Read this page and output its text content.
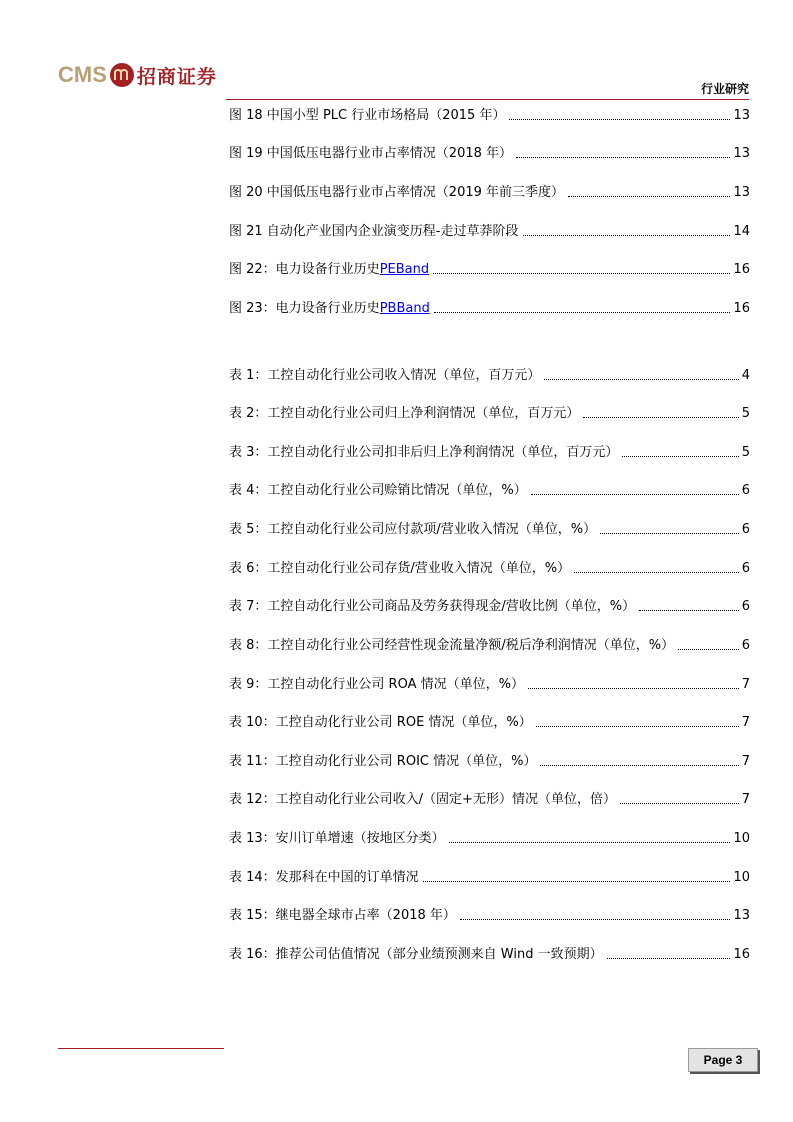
CMS 招商证券
行业研究
图 18 中国小型 PLC 行业市场格局（2015 年）	13
图 19 中国低压电器行业市占率情况（2018 年）	13
图 20 中国低压电器行业市占率情况（2019 年前三季度）	13
图 21 自动化产业国内企业演变历程-走过草莽阶段	14
图 22：电力设备行业历史PEBand	16
图 23：电力设备行业历史PBBand	16
表 1：工控自动化行业公司收入情况（单位，百万元）	4
表 2：工控自动化行业公司归上净利润情况（单位，百万元）	5
表 3：工控自动化行业公司扣非后归上净利润情况（单位，百万元）	5
表 4：工控自动化行业公司赊销比情况（单位，%）	6
表 5：工控自动化行业公司应付款项/营业收入情况（单位，%）	6
表 6：工控自动化行业公司存货/营业收入情况（单位，%）	6
表 7：工控自动化行业公司商品及劳务获得现金/营收比例（单位，%）	6
表 8：工控自动化行业公司经营性现金流量净额/税后净利润情况（单位，%）	6
表 9：工控自动化行业公司 ROA 情况（单位，%）	7
表 10：工控自动化行业公司 ROE 情况（单位，%）	7
表 11：工控自动化行业公司 ROIC 情况（单位，%）	7
表 12：工控自动化行业公司收入/（固定+无形）情况（单位，倍）	7
表 13：安川订单增速（按地区分类）	10
表 14：发那科在中国的订单情况	10
表 15：继电器全球市占率（2018 年）	13
表 16：推荐公司估值情况（部分业绩预测来自 Wind 一致预期）	16
Page 3
